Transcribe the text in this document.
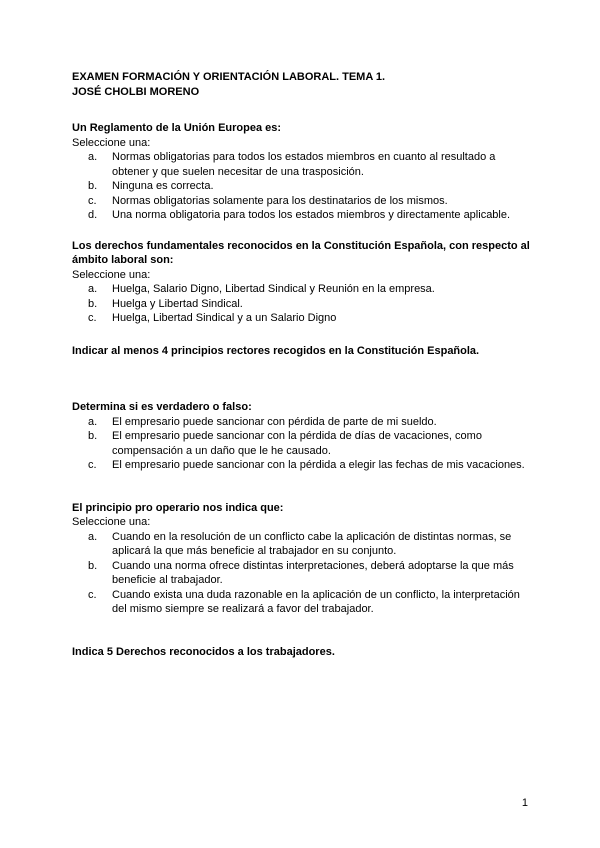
EXAMEN FORMACIÓN Y ORIENTACIÓN LABORAL. TEMA 1.

JOSÉ CHOLBI MORENO

Un Reglamento de la Unión Europea es:

Seleccione una:

a.	Normas obligatorias para todos los estados miembros en cuanto al resultado a obtener y que suelen necesitar de una trasposición.
b.	Ninguna es correcta.
c.	Normas obligatorias solamente para los destinatarios de los mismos.
d.	Una norma obligatoria para todos los estados miembros y directamente aplicable.

Los derechos fundamentales reconocidos en la Constitución Española, con respecto al ámbito laboral son:

Seleccione una:

a.	Huelga, Salario Digno, Libertad Sindical y Reunión en la empresa.
b.	Huelga y Libertad Sindical.
c.	Huelga, Libertad Sindical y a un Salario Digno

Indicar al menos 4 principios rectores recogidos en la Constitución Española.

Determina si es verdadero o falso:

a.	El empresario puede sancionar con pérdida de parte de mi sueldo.
b.	El empresario puede sancionar con la pérdida de días de vacaciones, como compensación a un daño que le he causado.
c.	El empresario puede sancionar con la pérdida a elegir las fechas de mis vacaciones.

El principio pro operario nos indica que:

Seleccione una:

a.	Cuando en la resolución de un conflicto cabe la aplicación de distintas normas, se aplicará la que más beneficie al trabajador en su conjunto.
b.	Cuando una norma ofrece distintas interpretaciones, deberá adoptarse la que más beneficie al trabajador.
c.	Cuando exista una duda razonable en la aplicación de un conflicto, la interpretación del mismo siempre se realizará a favor del trabajador.

Indica 5 Derechos reconocidos a los trabajadores.

1
